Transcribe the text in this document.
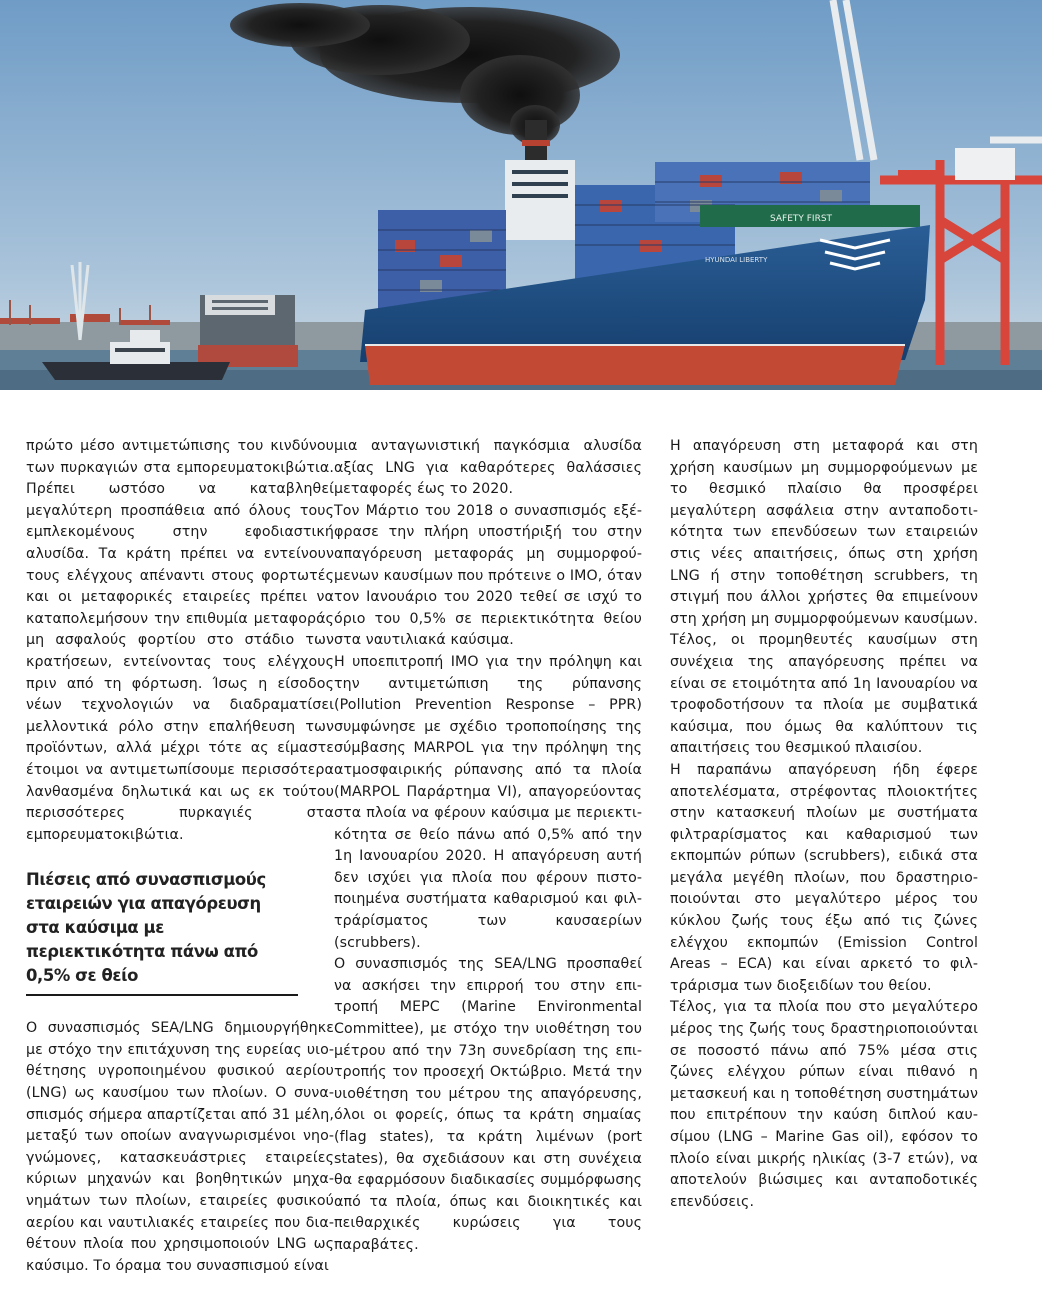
SAFETY FIRST
HYUNDAI LIBERTY

πρώτο μέσο αντιμετώπισης του κινδύνου των πυρκαγιών στα εμπορευματοκιβώτια. Πρέπει ωστόσο να καταβληθεί μεγαλύτερη προσπάθεια από όλους τους εμπλεκομένους στην εφοδιαστική αλυσίδα. Τα κράτη πρέπει να εντείνουν τους ελέγχους απέναντι στους φορτωτές και οι μεταφορικές εταιρείες πρέπει να καταπολεμήσουν την επιθυμία μεταφοράς μη ασφαλούς φορτίου στο στάδιο των κρατήσεων, εντείνοντας τους ελέγχους πριν από τη φόρτωση. Ίσως η είσοδος νέων τεχνολογιών να διαδραματίσει μελλοντικά ρόλο στην επαλήθευση των προϊόντων, αλλά μέχρι τότε ας είμαστε έτοιμοι να αντιμετωπίσουμε περισσότερα λανθασμένα δηλωτικά και ως εκ τούτου περισσότερες πυρκαγιές στα εμπορευματοκιβώτια.

Πιέσεις από συνασπισμούς εταιρειών για απαγόρευση στα καύσιμα με περιεκτικότητα πάνω από 0,5% σε θείο

Ο συνασπισμός SEA/LNG δημιουργήθηκε με στόχο την επιτάχυνση της ευρείας υιοθέτησης υγροποιημένου φυσικού αερίου (LNG) ως καυσίμου των πλοίων. Ο συνασπισμός σήμερα απαρτίζεται από 31 μέλη, μεταξύ των οποίων αναγνωρισμένοι νηογνώμονες, κατασκευάστριες εταιρείες κύριων μηχανών και βοηθητικών μηχανημάτων των πλοίων, εταιρείες φυσικού αερίου και ναυτιλιακές εταιρείες που διαθέτουν πλοία που χρησιμοποιούν LNG ως καύσιμο. Το όραμα του συνασπισμού είναι

μια ανταγωνιστική παγκόσμια αλυσίδα αξίας LNG για καθαρότερες θαλάσσιες μεταφορές έως το 2020.

Τον Μάρτιο του 2018 ο συνασπισμός εξέφρασε την πλήρη υποστήριξή του στην απαγόρευση μεταφοράς μη συμμορφούμενων καυσίμων που πρότεινε ο IMO, όταν τον Ιανουάριο του 2020 τεθεί σε ισχύ το όριο του 0,5% σε περιεκτικότητα θείου στα ναυτιλιακά καύσιμα.

Η υποεπιτροπή IMO για την πρόληψη και την αντιμετώπιση της ρύπανσης (Pollution Prevention Response – PPR) συμφώνησε με σχέδιο τροποποίησης της σύμβασης MARPOL για την πρόληψη της ατμοσφαιρικής ρύπανσης από τα πλοία (MARPOL Παράρτημα VI), απαγορεύοντας στα πλοία να φέρουν καύσιμα με περιεκτικότητα σε θείο πάνω από 0,5% από την 1η Ιανουαρίου 2020. Η απαγόρευση αυτή δεν ισχύει για πλοία που φέρουν πιστοποιημένα συστήματα καθαρισμού και φιλτράρίσματος των καυσαερίων (scrubbers).

Ο συνασπισμός της SEA/LNG προσπαθεί να ασκήσει την επιρροή του στην επιτροπή MEPC (Marine Environmental Committee), με στόχο την υιοθέτηση του μέτρου από την 73η συνεδρίαση της επιτροπής τον προσεχή Οκτώβριο. Μετά την υιοθέτηση του μέτρου της απαγόρευσης, όλοι οι φορείς, όπως τα κράτη σημαίας (flag states), τα κράτη λιμένων (port states), θα σχεδιάσουν και στη συνέχεια θα εφαρμόσουν διαδικασίες συμμόρφωσης από τα πλοία, όπως και διοικητικές και πειθαρχικές κυρώσεις για τους παραβάτες.

Η απαγόρευση στη μεταφορά και στη χρήση καυσίμων μη συμμορφούμενων με το θεσμικό πλαίσιο θα προσφέρει μεγαλύτερη ασφάλεια στην ανταποδοτικότητα των επενδύσεων των εταιρειών στις νέες απαιτήσεις, όπως στη χρήση LNG ή στην τοποθέτηση scrubbers, τη στιγμή που άλλοι χρήστες θα επιμείνουν στη χρήση μη συμμορφούμενων καυσίμων. Τέλος, οι προμηθευτές καυσίμων στη συνέχεια της απαγόρευσης πρέπει να είναι σε ετοιμότητα από 1η Ιανουαρίου να τροφοδοτήσουν τα πλοία με συμβατικά καύσιμα, που όμως θα καλύπτουν τις απαιτήσεις του θεσμικού πλαισίου.

Η παραπάνω απαγόρευση ήδη έφερε αποτελέσματα, στρέφοντας πλοιοκτήτες στην κατασκευή πλοίων με συστήματα φιλτραρίσματος και καθαρισμού των εκπομπών ρύπων (scrubbers), ειδικά στα μεγάλα μεγέθη πλοίων, που δραστηριοποιούνται στο μεγαλύτερο μέρος του κύκλου ζωής τους έξω από τις ζώνες ελέγχου εκπομπών (Emission Control Areas – ECA) και είναι αρκετό το φιλτράρισμα των διοξειδίων του θείου.

Τέλος, για τα πλοία που στο μεγαλύτερο μέρος της ζωής τους δραστηριοποιούνται σε ποσοστό πάνω από 75% μέσα στις ζώνες ελέγχου ρύπων είναι πιθανό η μετασκευή και η τοποθέτηση συστημάτων που επιτρέπουν την καύση διπλού καυσίμου (LNG – Marine Gas oil), εφόσον το πλοίο είναι μικρής ηλικίας (3-7 ετών), να αποτελούν βιώσιμες και ανταποδοτικές επενδύσεις.
